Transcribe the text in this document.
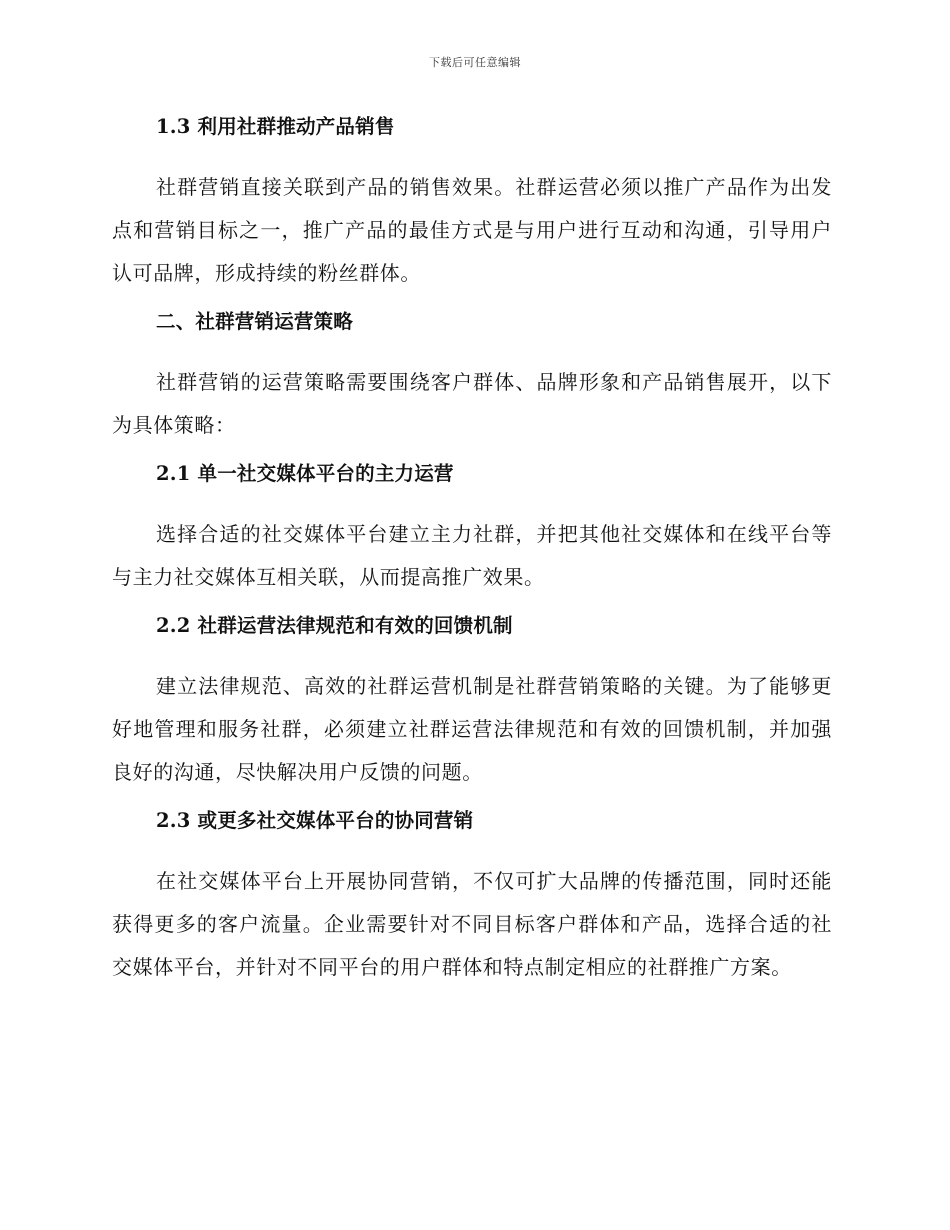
下载后可任意编辑
1.3 利用社群推动产品销售

社群营销直接关联到产品的销售效果。社群运营必须以推广产品作为出发点和营销目标之一，推广产品的最佳方式是与用户进行互动和沟通，引导用户认可品牌，形成持续的粉丝群体。

二、社群营销运营策略

社群营销的运营策略需要围绕客户群体、品牌形象和产品销售展开，以下为具体策略：

2.1 单一社交媒体平台的主力运营

选择合适的社交媒体平台建立主力社群，并把其他社交媒体和在线平台等与主力社交媒体互相关联，从而提高推广效果。

2.2 社群运营法律规范和有效的回馈机制

建立法律规范、高效的社群运营机制是社群营销策略的关键。为了能够更好地管理和服务社群，必须建立社群运营法律规范和有效的回馈机制，并加强良好的沟通，尽快解决用户反馈的问题。

2.3 或更多社交媒体平台的协同营销

在社交媒体平台上开展协同营销，不仅可扩大品牌的传播范围，同时还能获得更多的客户流量。企业需要针对不同目标客户群体和产品，选择合适的社交媒体平台，并针对不同平台的用户群体和特点制定相应的社群推广方案。
